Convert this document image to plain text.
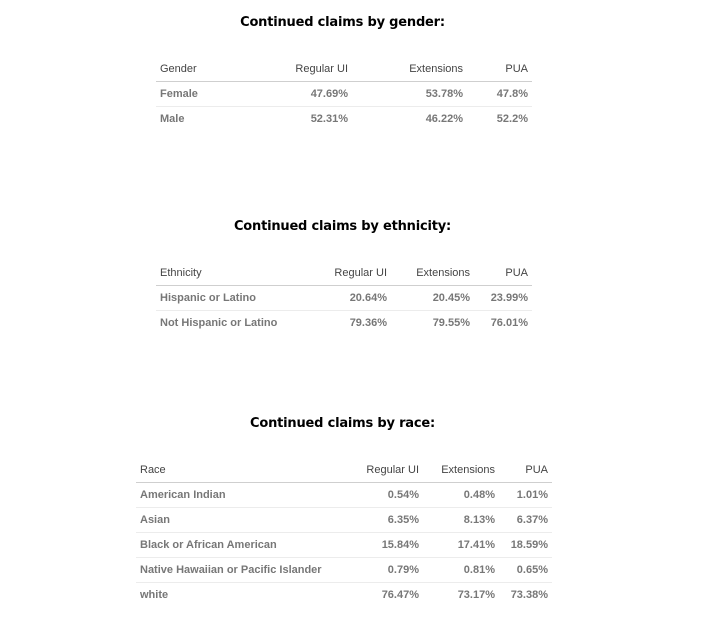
Continued claims by gender:
Gender	Regular UI	Extensions	PUA
Female	47.69%	53.78%	47.8%
Male	52.31%	46.22%	52.2%
Continued claims by ethnicity:
Ethnicity	Regular UI	Extensions	PUA
Hispanic or Latino	20.64%	20.45%	23.99%
Not Hispanic or Latino	79.36%	79.55%	76.01%
Continued claims by race:
Race	Regular UI	Extensions	PUA
American Indian	0.54%	0.48%	1.01%
Asian	6.35%	8.13%	6.37%
Black or African American	15.84%	17.41%	18.59%
Native Hawaiian or Pacific Islander	0.79%	0.81%	0.65%
white	76.47%	73.17%	73.38%
